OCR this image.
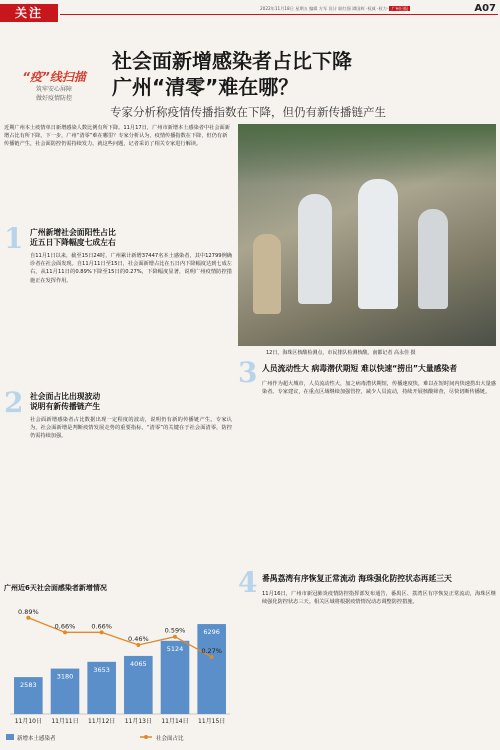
关注	2022年11月18日 星期五 编辑 方军 设计 耿红强 谭国辉 ·权威 ·权力· 广州日报	A07
“疫”线扫描
筑牢安心屏障
做好疫情防控
社会面新增感染者占比下降
广州“清零”难在哪？
专家分析称疫情传播指数在下降，但仍有新传播链产生
近期广州本土疫情单日新增感染人数比例有所下降。11月17日，广州市新增本土感染者中社会面新增占比有所下降。下一步，广州“清零”难在哪里？专家分析认为，疫情传播指数在下降，但仍有新传播链产生，社会面防控仍需持续发力。就这些问题，记者采访了相关专家进行解读。
12日，海珠区核酸检测点，市民排队检测核酸。南都记者 高永佳 摄
1 广州新增社会面阳性占比
近五日下降幅度七成左右
自11月1日以来，截至15日24时，广州累计新增37447名本土感染者，其中12799例确诊者在社会面发现。自11月11日至15日，社会面新增占比在五日内下降幅度达到七成左右，从11月11日的0.89%下降至15日的0.27%，下降幅度显著，说明广州疫情防控措施正在发挥作用。
2 社会面占比出现波动
说明有新传播链产生
社会面新增感染者占比数据出现一定程度的波动，说明仍有新的传播链产生。专家认为，社会面新增是判断疫情发展走势的重要指标，“清零”的关键在于社会面清零，防控仍需持续加强。
3 人员流动性大 病毒潜伏期短 难以快速“捞出”大量感染者
广州作为超大城市，人员流动性大，加之病毒潜伏期短，传播速度快，难以在短时间内快速捞出大量感染者。专家建议，在重点区域继续加强管控，减少人员流动，持续开展核酸筛查，尽快切断传播链。
4 番禺荔湾有序恢复正常流动 海珠强化防控状态再延三天
11月16日，广州市新冠肺炎疫情防控指挥部发布通告，番禺区、荔湾区有序恢复正常流动，海珠区继续强化防控状态三天。相关区域将根据疫情情况动态调整防控措施。
广州近6天社会面感染者新增情况
2583
11月10日
3180
11月11日
3653
11月12日
4065
11月13日
5124
11月14日
6296
11月15日
0.89%
0.66% 0.66%
0.46%
0.59%
0.27%
新增本土感染者	社会面占比
